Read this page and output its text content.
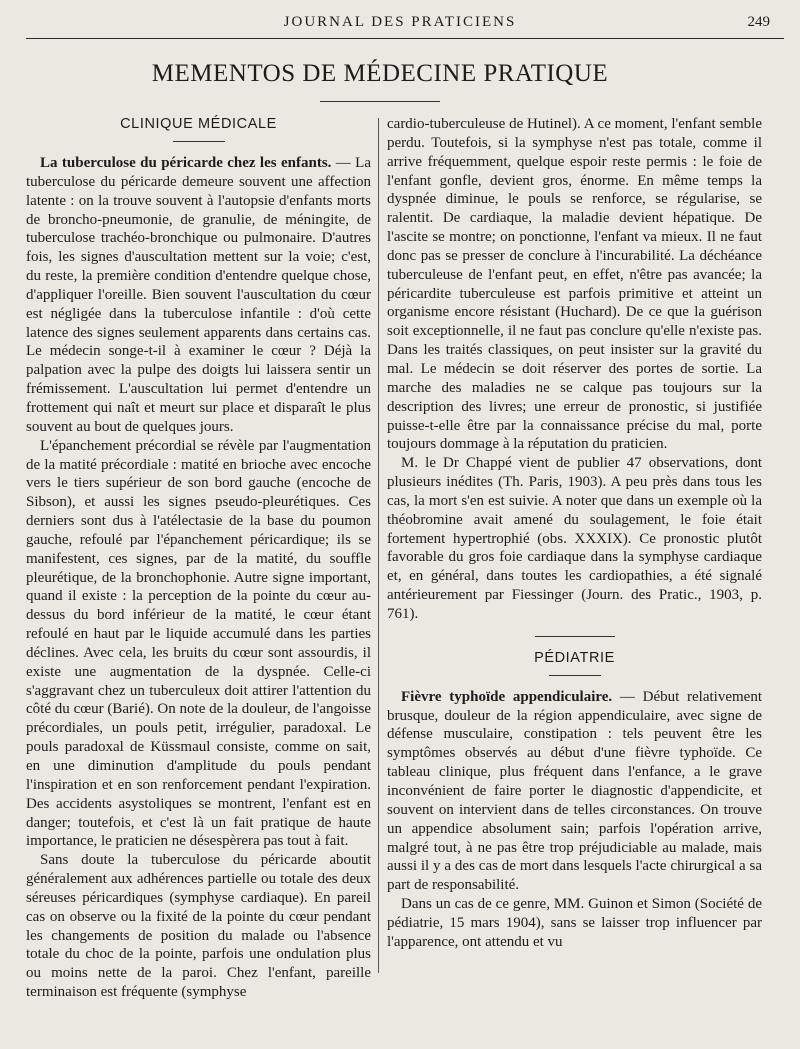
JOURNAL DES PRATICIENS	249
MEMENTOS DE MÉDECINE PRATIQUE
CLINIQUE MÉDICALE

La tuberculose du péricarde chez les enfants. — La tuberculose du péricarde demeure souvent une affection latente : on la trouve souvent à l'autopsie d'enfants morts de broncho-pneumonie, de granulie, de méningite, de tuberculose trachéo-bronchique ou pulmonaire. D'autres fois, les signes d'auscultation mettent sur la voie; c'est, du reste, la première condition d'entendre quelque chose, d'appliquer l'oreille. Bien souvent l'auscultation du cœur est négligée dans la tuberculose infantile : d'où cette latence des signes seulement apparents dans certains cas. Le médecin songe-t-il à examiner le cœur ? Déjà la palpation avec la pulpe des doigts lui laissera sentir un frémissement. L'auscultation lui permet d'entendre un frottement qui naît et meurt sur place et disparaît le plus souvent au bout de quelques jours.

L'épanchement précordial se révèle par l'augmentation de la matité précordiale : matité en brioche avec encoche vers le tiers supérieur de son bord gauche (encoche de Sibson), et aussi les signes pseudo-pleurétiques. Ces derniers sont dus à l'atélectasie de la base du poumon gauche, refoulé par l'épanchement péricardique; ils se manifestent, ces signes, par de la matité, du souffle pleurétique, de la bronchophonie. Autre signe important, quand il existe : la perception de la pointe du cœur au-dessus du bord inférieur de la matité, le cœur étant refoulé en haut par le liquide accumulé dans les parties déclines. Avec cela, les bruits du cœur sont assourdis, il existe une augmentation de la dyspnée. Celle-ci s'aggravant chez un tuberculeux doit attirer l'attention du côté du cœur (Barié). On note de la douleur, de l'angoisse précordiales, un pouls petit, irrégulier, paradoxal. Le pouls paradoxal de Küssmaul consiste, comme on sait, en une diminution d'amplitude du pouls pendant l'inspiration et en son renforcement pendant l'expiration. Des accidents asystoliques se montrent, l'enfant est en danger; toutefois, et c'est là un fait pratique de haute importance, le praticien ne désespèrera pas tout à fait.

Sans doute la tuberculose du péricarde aboutit généralement aux adhérences partielle ou totale des deux séreuses péricardiques (symphyse cardiaque). En pareil cas on observe ou la fixité de la pointe du cœur pendant les changements de position du malade ou l'absence totale du choc de la pointe, parfois une ondulation plus ou moins nette de la paroi. Chez l'enfant, pareille terminaison est fréquente (symphyse

cardio-tuberculeuse de Hutinel). A ce moment, l'enfant semble perdu. Toutefois, si la symphyse n'est pas totale, comme il arrive fréquemment, quelque espoir reste permis : le foie de l'enfant gonfle, devient gros, énorme. En même temps la dyspnée diminue, le pouls se renforce, se régularise, se ralentit. De cardiaque, la maladie devient hépatique. De l'ascite se montre; on ponctionne, l'enfant va mieux. Il ne faut donc pas se presser de conclure à l'incurabilité. La déchéance tuberculeuse de l'enfant peut, en effet, n'être pas avancée; la péricardite tuberculeuse est parfois primitive et atteint un organisme encore résistant (Huchard). De ce que la guérison soit exceptionnelle, il ne faut pas conclure qu'elle n'existe pas. Dans les traités classiques, on peut insister sur la gravité du mal. Le médecin se doit réserver des portes de sortie. La marche des maladies ne se calque pas toujours sur la description des livres; une erreur de pronostic, si justifiée puisse-t-elle être par la connaissance précise du mal, porte toujours dommage à la réputation du praticien.

M. le Dr Chappé vient de publier 47 observations, dont plusieurs inédites (Th. Paris, 1903). A peu près dans tous les cas, la mort s'en est suivie. A noter que dans un exemple où la théobromine avait amené du soulagement, le foie était fortement hypertrophié (obs. XXXIX). Ce pronostic plutôt favorable du gros foie cardiaque dans la symphyse cardiaque et, en général, dans toutes les cardiopathies, a été signalé antérieurement par Fiessinger (Journ. des Pratic., 1903, p. 761).

PÉDIATRIE

Fièvre typhoïde appendiculaire. — Début relativement brusque, douleur de la région appendiculaire, avec signe de défense musculaire, constipation : tels peuvent être les symptômes observés au début d'une fièvre typhoïde. Ce tableau clinique, plus fréquent dans l'enfance, a le grave inconvénient de faire porter le diagnostic d'appendicite, et souvent on intervient dans de telles circonstances. On trouve un appendice absolument sain; parfois l'opération arrive, malgré tout, à ne pas être trop préjudiciable au malade, mais aussi il y a des cas de mort dans lesquels l'acte chirurgical a sa part de responsabilité.

Dans un cas de ce genre, MM. Guinon et Simon (Société de pédiatrie, 15 mars 1904), sans se laisser trop influencer par l'apparence, ont attendu et vu
